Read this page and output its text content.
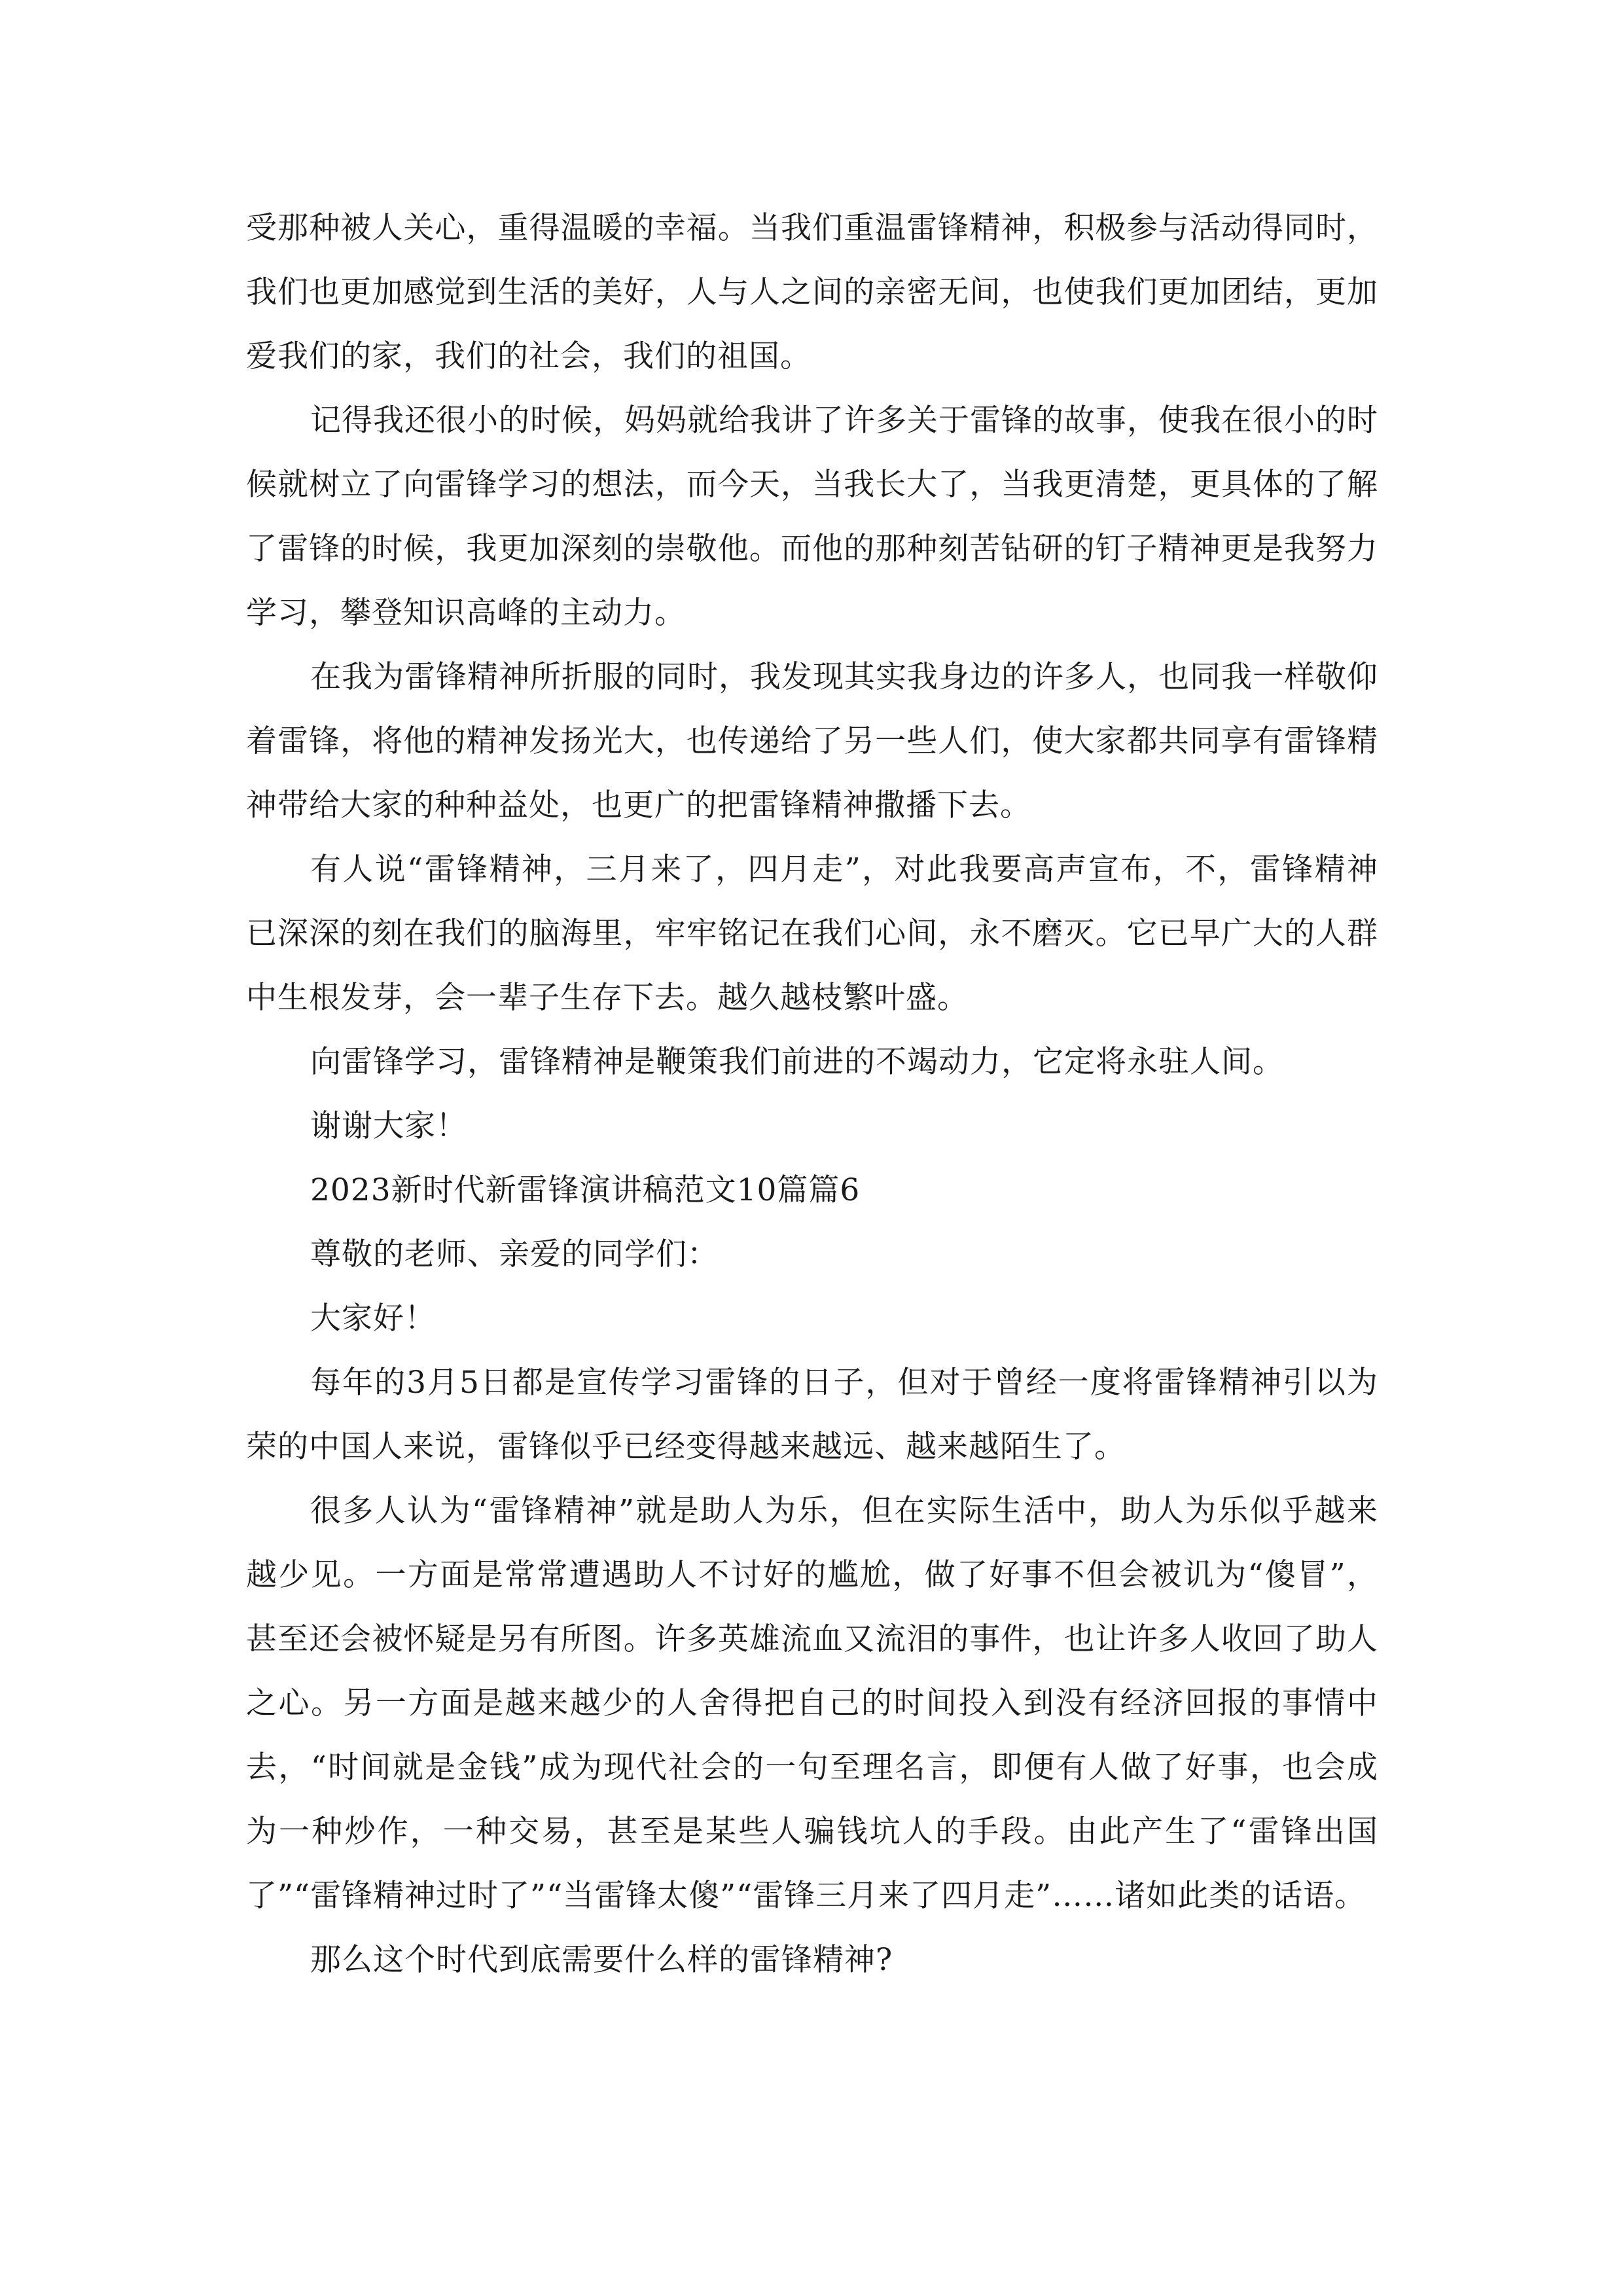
受那种被人关心，重得温暖的幸福。当我们重温雷锋精神，积极参与活动得同时，我们也更加感觉到生活的美好，人与人之间的亲密无间，也使我们更加团结，更加爱我们的家，我们的社会，我们的祖国。

记得我还很小的时候，妈妈就给我讲了许多关于雷锋的故事，使我在很小的时候就树立了向雷锋学习的想法，而今天，当我长大了，当我更清楚，更具体的了解了雷锋的时候，我更加深刻的崇敬他。而他的那种刻苦钻研的钉子精神更是我努力学习，攀登知识高峰的主动力。

在我为雷锋精神所折服的同时，我发现其实我身边的许多人，也同我一样敬仰着雷锋，将他的精神发扬光大，也传递给了另一些人们，使大家都共同享有雷锋精神带给大家的种种益处，也更广的把雷锋精神撒播下去。

有人说“雷锋精神，三月来了，四月走”，对此我要高声宣布，不，雷锋精神已深深的刻在我们的脑海里，牢牢铭记在我们心间，永不磨灭。它已早广大的人群中生根发芽，会一辈子生存下去。越久越枝繁叶盛。

向雷锋学习，雷锋精神是鞭策我们前进的不竭动力，它定将永驻人间。

谢谢大家！

2023新时代新雷锋演讲稿范文10篇篇6

尊敬的老师、亲爱的同学们：

大家好！

每年的3月5日都是宣传学习雷锋的日子，但对于曾经一度将雷锋精神引以为荣的中国人来说，雷锋似乎已经变得越来越远、越来越陌生了。

很多人认为“雷锋精神”就是助人为乐，但在实际生活中，助人为乐似乎越来越少见。一方面是常常遭遇助人不讨好的尴尬，做了好事不但会被讥为“傻冒”，甚至还会被怀疑是另有所图。许多英雄流血又流泪的事件，也让许多人收回了助人之心。另一方面是越来越少的人舍得把自己的时间投入到没有经济回报的事情中去，“时间就是金钱”成为现代社会的一句至理名言，即便有人做了好事，也会成为一种炒作，一种交易，甚至是某些人骗钱坑人的手段。由此产生了“雷锋出国了”“雷锋精神过时了”“当雷锋太傻”“雷锋三月来了四月走”……诸如此类的话语。

那么这个时代到底需要什么样的雷锋精神?
